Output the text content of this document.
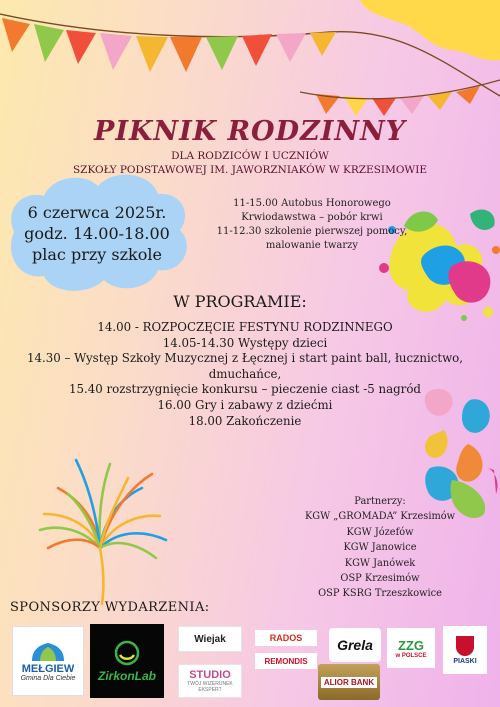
PIKNIK RODZINNY
DLA RODZICÓW I UCZNIÓW
SZKOŁY PODSTAWOWEJ IM. JAWORZNIAKÓW W KRZESIMOWIE
6 czerwca 2025r.
godz. 14.00-18.00
plac przy szkole
11-15.00 Autobus Honorowego
Krwiodawstwa – pobór krwi
11-12.30 szkolenie pierwszej pomocy,
malowanie twarzy
W PROGRAMIE:
14.00 - ROZPOCZĘCIE FESTYNU RODZINNEGO
14.05-14.30 Występy dzieci
14.30 – Występ Szkoły Muzycznej z Łęcznej i start paint ball, łucznictwo,
dmuchańce,
15.40 rozstrzygnięcie konkursu – pieczenie ciast -5 nagród
16.00 Gry i zabawy z dziećmi
18.00 Zakończenie
Partnerzy:
KGW „GROMADA” Krzesimów
KGW Józefów
KGW Janowice
KGW Janówek
OSP Krzesimów
OSP KSRG Trzeszkowice
SPONSORZY WYDARZENIA:
MEŁGIEW
Gmina Dla Ciebie ZirkonLab
Wiejak
STUDIO
TWÓJ WIZERUNEK EKSPERT
RADOS
REMONDIS
Grela
ALIOR BANK
ZZG
w POLSCE
PIASKI
